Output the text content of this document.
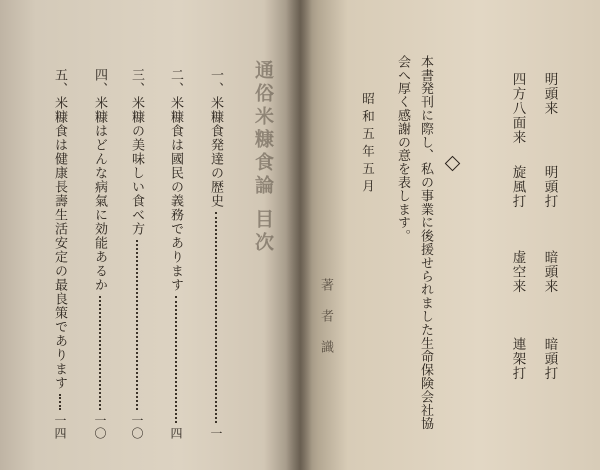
通俗米糠食論 目次
一、
米糠食発達の歴史
一
二、
米糠食は國民の義務であります
四
三、
米糠の美味しい食べ方
一〇
四、
米糠はどんな病氣に効能あるか
一〇
五、
米糠食は健康長壽生活安定の最良策であります
一四
明頭来
明頭打
暗頭来
暗頭打
四方八面来
旋風打
虚空来
連架打
本書発刊に際し、私の事業に後援せられました生命保険会社協
会へ厚く感謝の意を表します。
昭和五年五月
著者識
